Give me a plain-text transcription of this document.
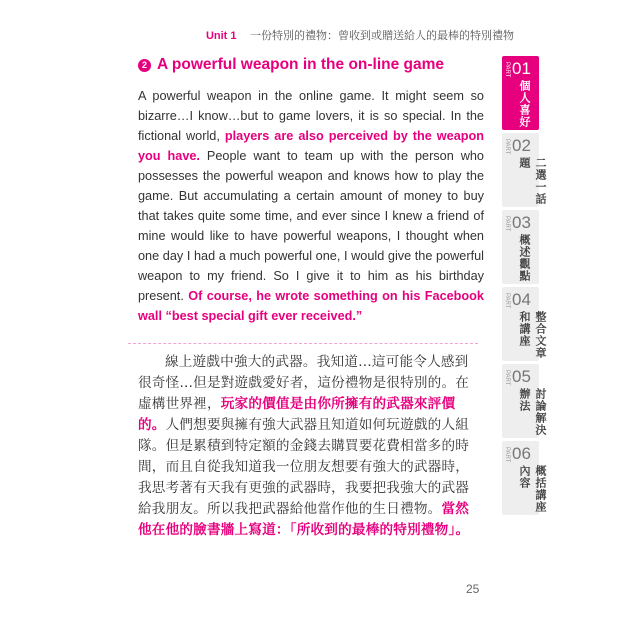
Unit 1 一份特別的禮物：曾收到或贈送給人的最棒的特別禮物
2 A powerful weapon in the on-line game

A powerful weapon in the online game. It might seem so bizarre…I know…but to game lovers, it is so special. In the fictional world, players are also perceived by the weapon you have. People want to team up with the person who possesses the powerful weapon and knows how to play the game. But accumulating a certain amount of money to buy that takes quite some time, and ever since I knew a friend of mine would like to have powerful weapons, I thought when one day I had a much powerful one, I would give the powerful weapon to my friend. So I give it to him as his birthday present. Of course, he wrote something on his Facebook wall “best special gift ever received.”

線上遊戲中強大的武器。我知道…這可能令人感到很奇怪…但是對遊戲愛好者，這份禮物是很特別的。在虛構世界裡，玩家的價值是由你所擁有的武器來評價的。人們想要與擁有強大武器且知道如何玩遊戲的人組隊。但是累積到特定額的金錢去購買要花費相當多的時間，而且自從我知道我一位朋友想要有強大的武器時，我思考著有天我有更強的武器時，我要把我強大的武器給我朋友。所以我把武器給他當作他的生日禮物。當然他在他的臉書牆上寫道：「所收到的最棒的特別禮物」。

25
PART 01
個人喜好
PART 02
二選一話題
PART 03
概述觀點
PART 04
整合文章和講座
PART 05
討論解決辦法
PART 06
概括講座內容
